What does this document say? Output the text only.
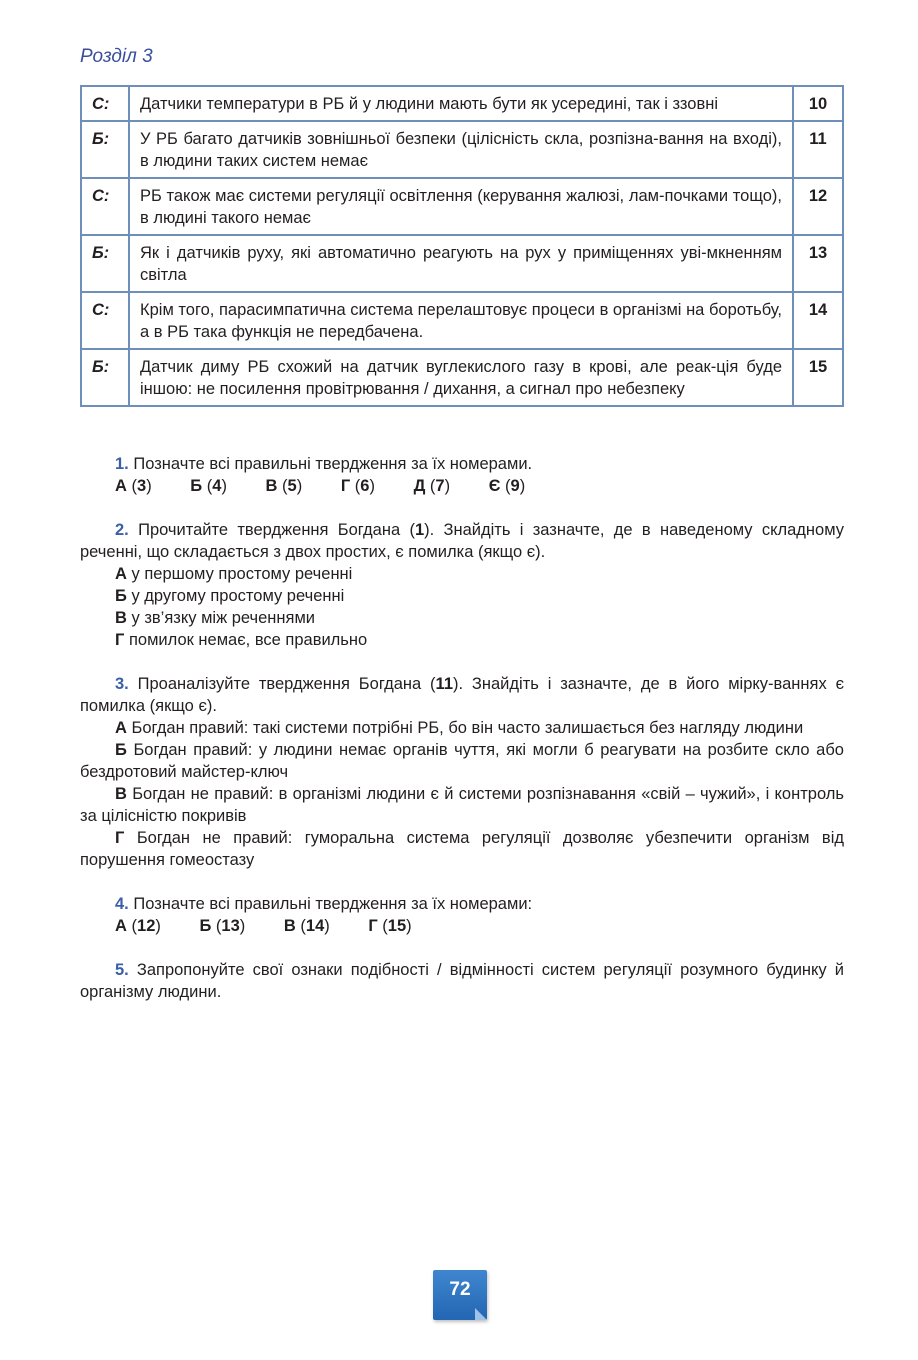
Розділ 3
С:	Датчики температури в РБ й у людини мають бути як усередині, так і ззовні	10
Б:	У РБ багато датчиків зовнішньої безпеки (цілісність скла, розпізна-вання на вході), в людини таких систем немає	11
С:	РБ також має системи регуляції освітлення (керування жалюзі, лам-почками тощо), в людині такого немає	12
Б:	Як і датчиків руху, які автоматично реагують на рух у приміщеннях уві-мкненням світла	13
С:	Крім того, парасимпатична система перелаштовує процеси в організмі на боротьбу, а в РБ така функція не передбачена.	14
Б:	Датчик диму РБ схожий на датчик вуглекислого газу в крові, але реак-ція буде іншою: не посилення провітрювання / дихання, а сигнал про небезпеку	15

1. Позначте всі правильні твердження за їх номерами.

А (3) Б (4) В (5) Г (6) Д (7) Є (9)

2. Прочитайте твердження Богдана (1). Знайдіть і зазначте, де в наведеному складному реченні, що складається з двох простих, є помилка (якщо є).

А у першому простому реченні

Б у другому простому реченні

В у зв’язку між реченнями

Г помилок немає, все правильно

3. Проаналізуйте твердження Богдана (11). Знайдіть і зазначте, де в його мірку-ваннях є помилка (якщо є).

А Богдан правий: такі системи потрібні РБ, бо він часто залишається без нагляду людини

Б Богдан правий: у людини немає органів чуття, які могли б реагувати на розбите скло або бездротовий майстер-ключ

В Богдан не правий: в організмі людини є й системи розпізнавання «свій – чужий», і контроль за цілісністю покривів

Г Богдан не правий: гуморальна система регуляції дозволяє убезпечити організм від порушення гомеостазу

4. Позначте всі правильні твердження за їх номерами:

А (12) Б (13) В (14) Г (15)

5. Запропонуйте свої ознаки подібності / відмінності систем регуляції розумного будинку й організму людини.

72
